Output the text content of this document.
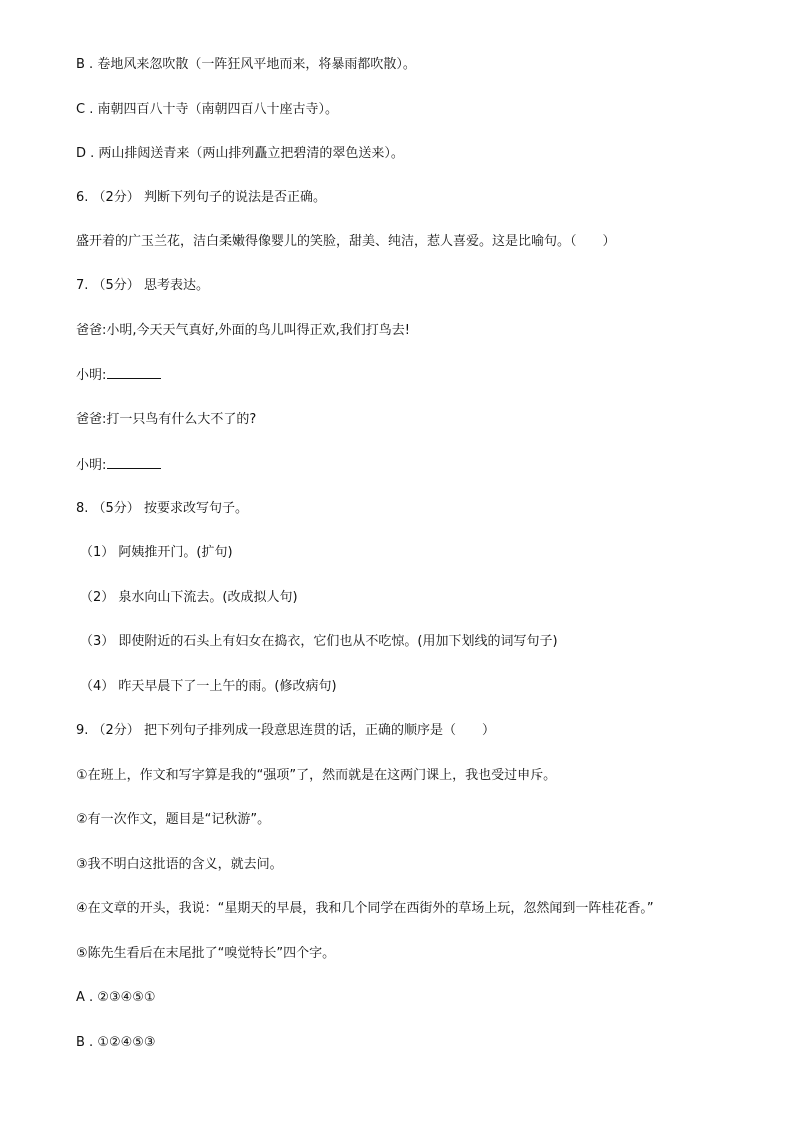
B . 卷地风来忽吹散（一阵狂风平地而来，将暴雨都吹散）。
C . 南朝四百八十寺（南朝四百八十座古寺）。
D . 两山排闼送青来（两山排列矗立把碧清的翠色送来）。
6. （2分） 判断下列句子的说法是否正确。
盛开着的广玉兰花，洁白柔嫩得像婴儿的笑脸，甜美、纯洁，惹人喜爱。这是比喻句。（　　）
7. （5分） 思考表达。
爸爸:小明,今天天气真好,外面的鸟儿叫得正欢,我们打鸟去!
小明:
爸爸:打一只鸟有什么大不了的?
小明:
8. （5分） 按要求改写句子。
（1） 阿姨推开门。(扩句)
（2） 泉水向山下流去。(改成拟人句)
（3） 即使附近的石头上有妇女在捣衣，它们也从不吃惊。(用加下划线的词写句子)
（4） 昨天早晨下了一上午的雨。(修改病句)
9. （2分） 把下列句子排列成一段意思连贯的话，正确的顺序是（　　）
①在班上，作文和写字算是我的“强项”了，然而就是在这两门课上，我也受过申斥。
②有一次作文，题目是“记秋游”。
③我不明白这批语的含义，就去问。
④在文章的开头，我说：“星期天的早晨，我和几个同学在西街外的草场上玩，忽然闻到一阵桂花香。”
⑤陈先生看后在末尾批了“嗅觉特长”四个字。
A . ②③④⑤①
B . ①②④⑤③
